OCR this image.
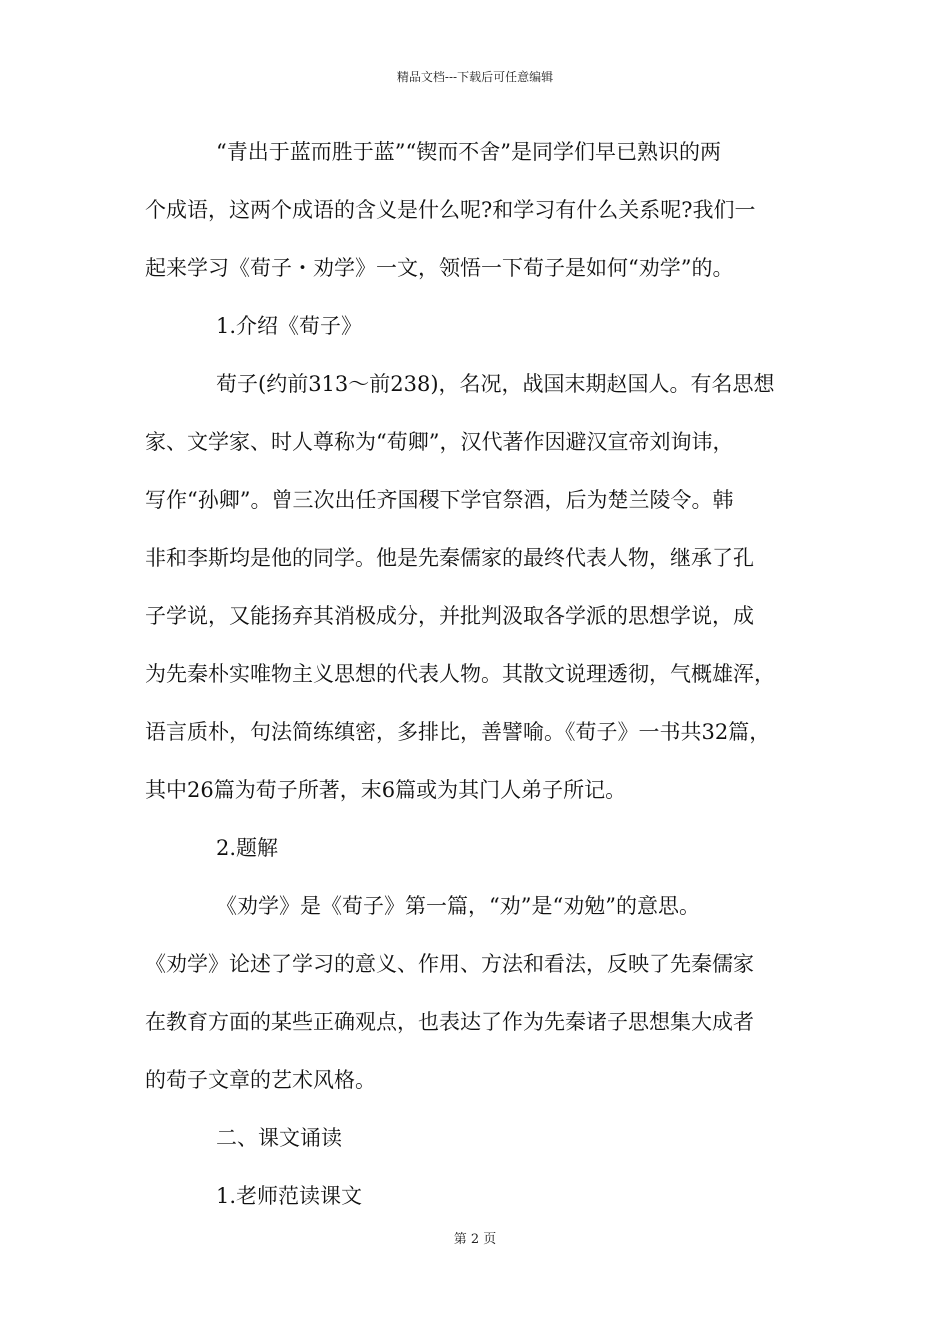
精品文档---下载后可任意编辑
“青出于蓝而胜于蓝”“锲而不舍”是同学们早已熟识的两
个成语，这两个成语的含义是什么呢?和学习有什么关系呢?我们一
起来学习《荀子・劝学》一文，领悟一下荀子是如何“劝学”的。
1.介绍《荀子》
荀子(约前313～前238)，名况，战国末期赵国人。有名思想
家、文学家、时人尊称为“荀卿”，汉代著作因避汉宣帝刘询讳，
写作“孙卿”。曾三次出任齐国稷下学官祭酒，后为楚兰陵令。韩
非和李斯均是他的同学。他是先秦儒家的最终代表人物，继承了孔
子学说，又能扬弃其消极成分，并批判汲取各学派的思想学说，成
为先秦朴实唯物主义思想的代表人物。其散文说理透彻，气概雄浑，
语言质朴，句法简练缜密，多排比，善譬喻。《荀子》一书共32篇，
其中26篇为荀子所著，末6篇或为其门人弟子所记。
2.题解
《劝学》是《荀子》第一篇，“劝”是“劝勉”的意思。
《劝学》论述了学习的意义、作用、方法和看法，反映了先秦儒家
在教育方面的某些正确观点，也表达了作为先秦诸子思想集大成者
的荀子文章的艺术风格。
二、课文诵读
1.老师范读课文
第 2 页
